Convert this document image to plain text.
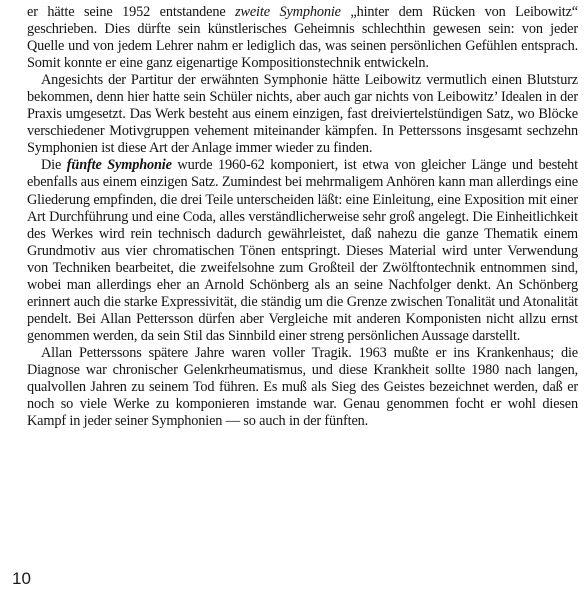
er hätte seine 1952 entstandene zweite Symphonie „hinter dem Rücken von Leibowitz“ geschrieben. Dies dürfte sein künstlerisches Geheimnis schlechthin gewesen sein: von jeder Quelle und von jedem Lehrer nahm er lediglich das, was seinen persönlichen Gefühlen entsprach. Somit konnte er eine ganz eigenartige Kompositionstechnik entwickeln.

Angesichts der Partitur der erwähnten Symphonie hätte Leibowitz vermutlich einen Blutsturz bekommen, denn hier hatte sein Schüler nichts, aber auch gar nichts von Leibowitz’ Idealen in der Praxis umgesetzt. Das Werk besteht aus einem einzigen, fast dreiviertelstündigen Satz, wo Blöcke verschiedener Motivgruppen vehement miteinander kämpfen. In Petterssons insgesamt sechzehn Symphonien ist diese Art der Anlage immer wieder zu finden.

Die fünfte Symphonie wurde 1960-62 komponiert, ist etwa von gleicher Länge und besteht ebenfalls aus einem einzigen Satz. Zumindest bei mehrmaligem Anhören kann man allerdings eine Gliederung empfinden, die drei Teile unterscheiden läßt: eine Einleitung, eine Exposition mit einer Art Durchführung und eine Coda, alles verständlicherweise sehr groß angelegt. Die Einheitlichkeit des Werkes wird rein technisch dadurch gewährleistet, daß nahezu die ganze Thematik einem Grundmotiv aus vier chromatischen Tönen entspringt. Dieses Material wird unter Verwendung von Techniken bearbeitet, die zweifelsohne zum Großteil der Zwölftontechnik entnommen sind, wobei man allerdings eher an Arnold Schönberg als an seine Nachfolger denkt. An Schönberg erinnert auch die starke Expressivität, die ständig um die Grenze zwischen Tonalität und Atonalität pendelt. Bei Allan Pettersson dürfen aber Vergleiche mit anderen Komponisten nicht allzu ernst genommen werden, da sein Stil das Sinnbild einer streng persönlichen Aussage darstellt.

Allan Petterssons spätere Jahre waren voller Tragik. 1963 mußte er ins Krankenhaus; die Diagnose war chronischer Gelenkrheumatismus, und diese Krankheit sollte 1980 nach langen, qualvollen Jahren zu seinem Tod führen. Es muß als Sieg des Geistes bezeichnet werden, daß er noch so viele Werke zu komponieren imstande war. Genau genommen focht er wohl diesen Kampf in jeder seiner Symphonien — so auch in der fünften.

10
